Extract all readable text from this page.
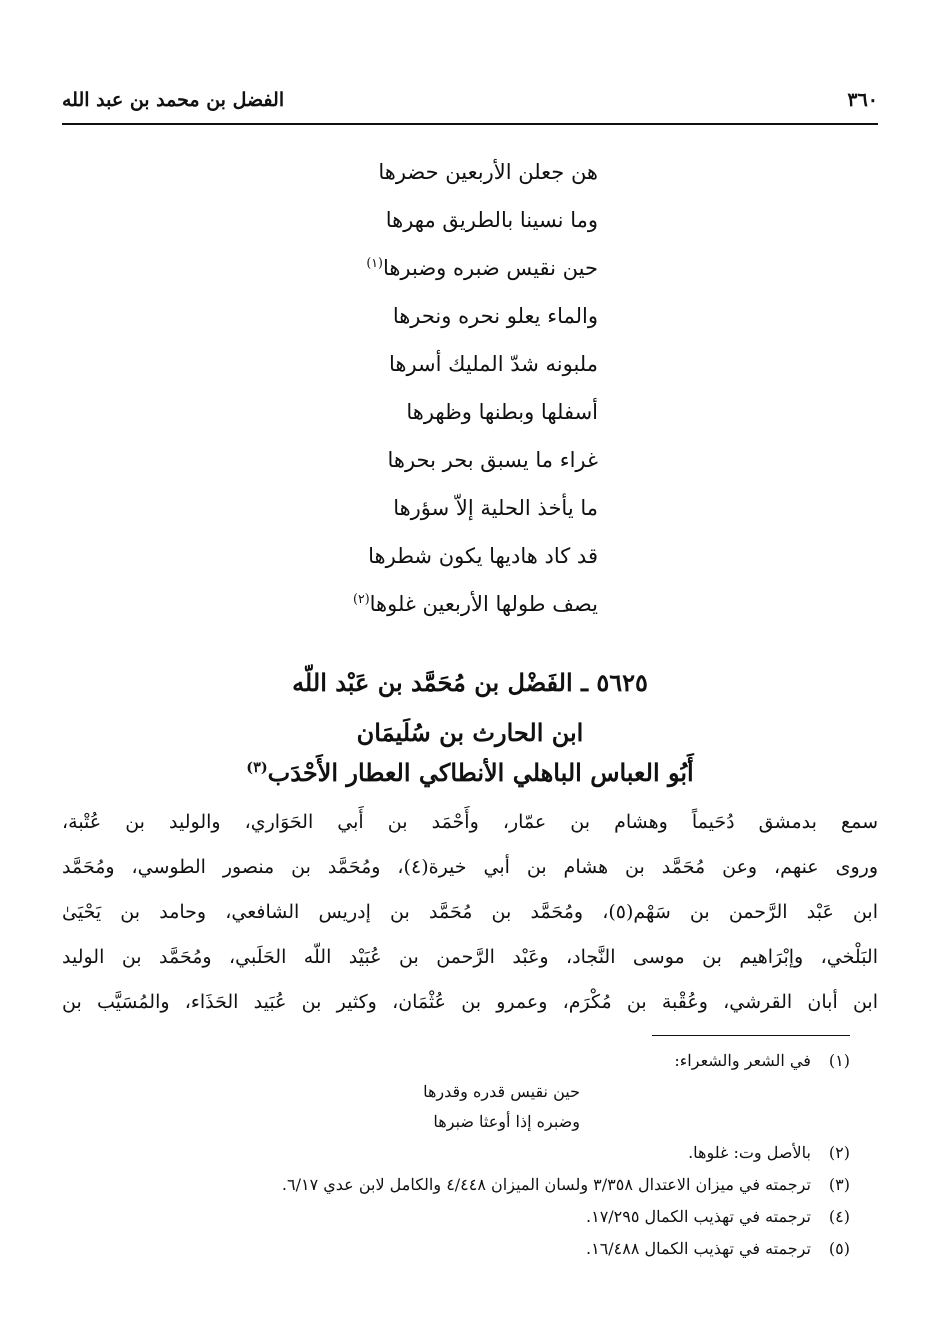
٣٦٠
الفضل بن محمد بن عبد الله
هن جعلن الأربعين حضرها
وما نسينا بالطريق مهرها
حين نقيس ضبره وضبرها$^{(١)}$
والماء يعلو نحره ونحرها
ملبونه شدّ المليك أسرها
أسفلها وبطنها وظهرها
غراء ما يسبق بحر بحرها
ما يأخذ الحلية إلاّ سؤرها
قد كاد هاديها يكون شطرها
يصف طولها الأربعين غلوها$^{(٢)}$
٥٦٢٥ ـ الفَضْل بن مُحَمَّد بن عَبْد اللّه
ابن الحارث بن سُلَيمَان
أَبُو العباس الباهلي الأنطاكي العطار الأَحْدَب$^{(٣)}$
سمع بدمشق دُحَيماً وهشام بن عمّار، وأَحْمَد بن أَبي الحَوَاري، والوليد بن عُتْبة،
وروى عنهم، وعن مُحَمَّد بن هشام بن أبي خيرة(٤)، ومُحَمَّد بن منصور الطوسي، ومُحَمَّد
ابن عَبْد الرَّحمن بن سَهْم(٥)، ومُحَمَّد بن مُحَمَّد بن إدريس الشافعي، وحامد بن يَحْيَىٰ
البَلْخي، وإبْرَاهيم بن موسى النَّجاد، وعَبْد الرَّحمن بن عُبَيْد اللّه الحَلَبي، ومُحَمَّد بن الوليد
ابن أبان القرشي، وعُقْبة بن مُكْرَم، وعمرو بن عُثْمَان، وكثير بن عُبَيد الحَذَاء، والمُسَيَّب بن
(١) في الشعر والشعراء:
حين نقيس قدره وقدرها
وضبره إذا أوعثا ضبرها
(٢) بالأصل وت: غلوها.
(٣) ترجمته في ميزان الاعتدال ٣/٣٥٨ ولسان الميزان ٤/٤٤٨ والكامل لابن عدي ٦/١٧.
(٤) ترجمته في تهذيب الكمال ١٧/٢٩٥.
(٥) ترجمته في تهذيب الكمال ١٦/٤٨٨.
